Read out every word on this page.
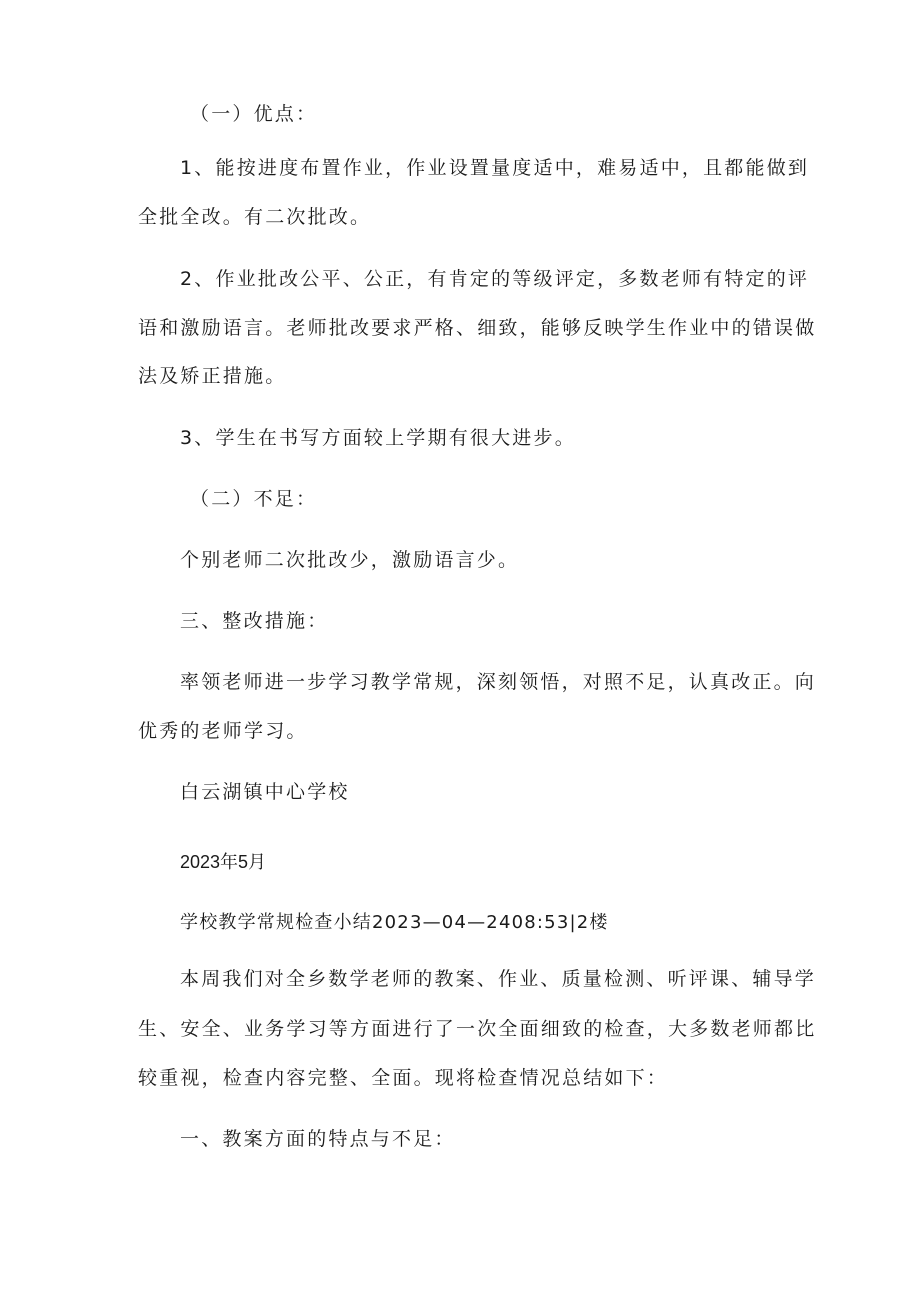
（一）优点：

1、能按进度布置作业，作业设置量度适中，难易适中，且都能做到

全批全改。有二次批改。

2、作业批改公平、公正，有肯定的等级评定，多数老师有特定的评

语和激励语言。老师批改要求严格、细致，能够反映学生作业中的错误做

法及矫正措施。

3、学生在书写方面较上学期有很大进步。

（二）不足：

个别老师二次批改少，激励语言少。

三、整改措施：

率领老师进一步学习教学常规，深刻领悟，对照不足，认真改正。向

优秀的老师学习。

白云湖镇中心学校

2023年5月

学校教学常规检查小结2023—04—2408:53|2楼

本周我们对全乡数学老师的教案、作业、质量检测、听评课、辅导学

生、安全、业务学习等方面进行了一次全面细致的检查，大多数老师都比

较重视，检查内容完整、全面。现将检查情况总结如下：

一、教案方面的特点与不足：
